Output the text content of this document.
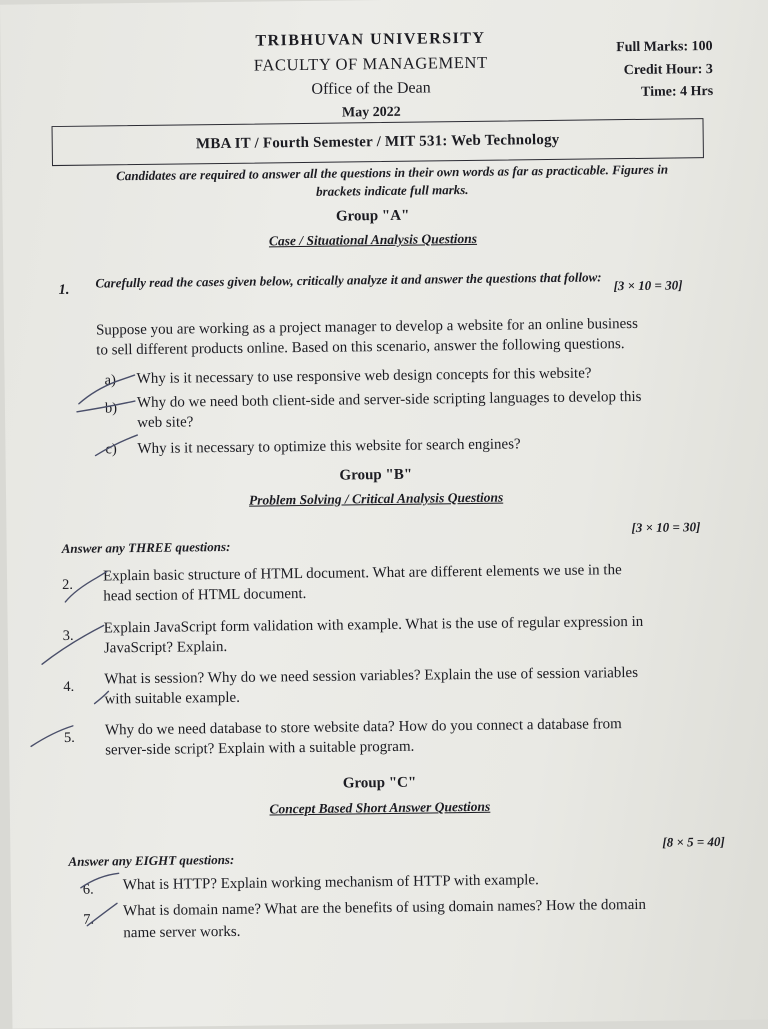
TRIBHUVAN UNIVERSITY
FACULTY OF MANAGEMENT
Office of the Dean
May 2022
Full Marks: 100
Credit Hour: 3
Time: 4 Hrs
MBA IT / Fourth Semester / MIT 531: Web Technology
Candidates are required to answer all the questions in their own words as far as practicable. Figures in
brackets indicate full marks.
Group "A"
Case / Situational Analysis Questions
1. Carefully read the cases given below, critically analyze it and answer the questions that follow: [3 × 10 = 30]
Suppose you are working as a project manager to develop a website for an online business
to sell different products online. Based on this scenario, answer the following questions.
a) Why is it necessary to use responsive web design concepts for this website?
b) Why do we need both client-side and server-side scripting languages to develop this
web site?
c) Why is it necessary to optimize this website for search engines?
Group "B"
Problem Solving / Critical Analysis Questions
[3 × 10 = 30]
Answer any THREE questions:
2.
Explain basic structure of HTML document. What are different elements we use in the
head section of HTML document.
3. Explain JavaScript form validation with example. What is the use of regular expression in
JavaScript? Explain.
4. What is session? Why do we need session variables? Explain the use of session variables
with suitable example.
5. Why do we need database to store website data? How do you connect a database from
server-side script? Explain with a suitable program.
Group "C"
Concept Based Short Answer Questions
[8 × 5 = 40]
Answer any EIGHT questions:
6. What is HTTP? Explain working mechanism of HTTP with example.
7.
What is domain name? What are the benefits of using domain names? How the domain
name server works.
